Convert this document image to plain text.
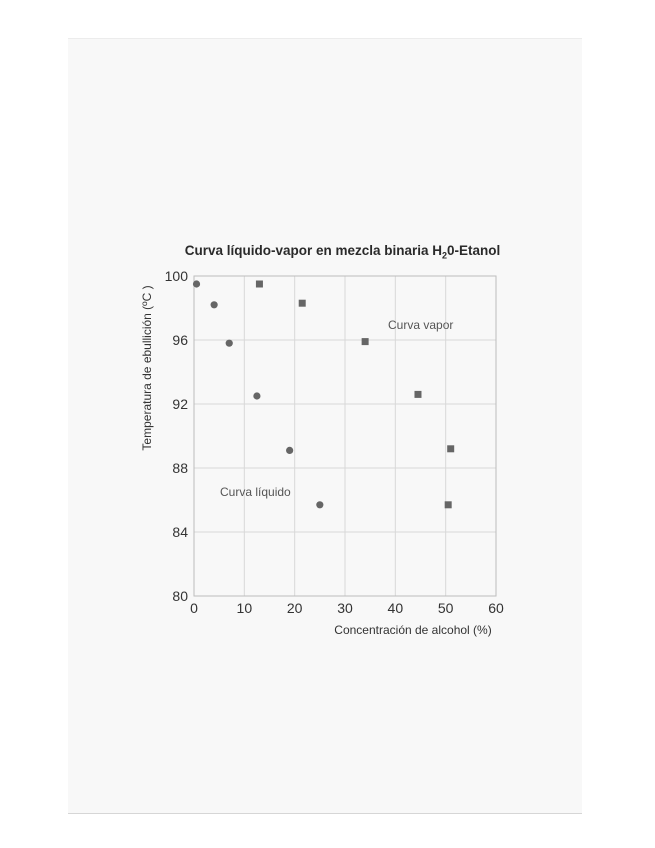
Curva líquido-vapor en mezcla binaria $H_20$-Etanol
0	10 20 30 40 50 60
80
84
88
92
96
100
Concentración de alcohol (%)
Temperatura de ebullición (ºC )
Curva líquido
Curva vapor
